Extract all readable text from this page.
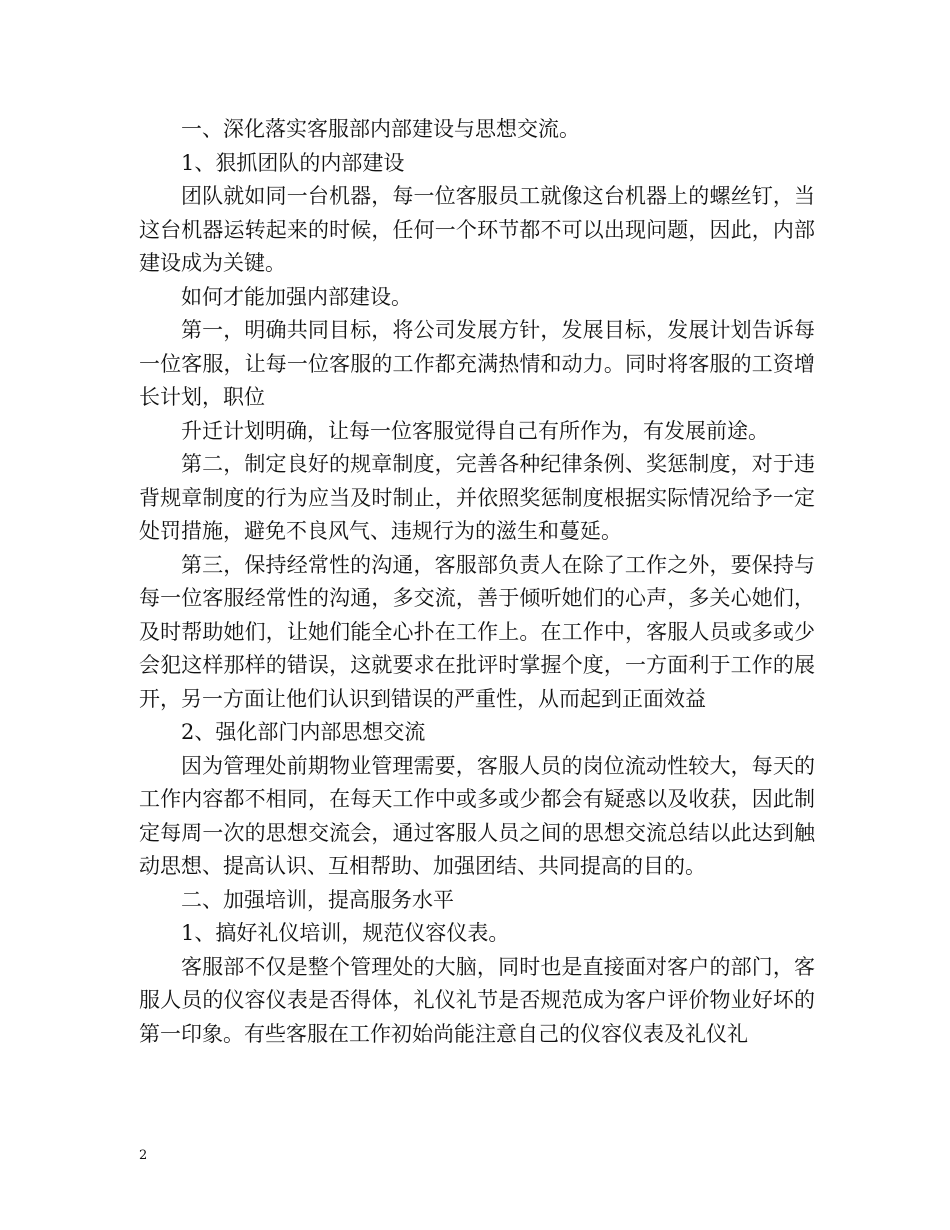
一、深化落实客服部内部建设与思想交流。

1、狠抓团队的内部建设

团队就如同一台机器，每一位客服员工就像这台机器上的螺丝钉，当这台机器运转起来的时候，任何一个环节都不可以出现问题，因此，内部建设成为关键。

如何才能加强内部建设。

第一，明确共同目标，将公司发展方针，发展目标，发展计划告诉每一位客服，让每一位客服的工作都充满热情和动力。同时将客服的工资增长计划，职位

升迁计划明确，让每一位客服觉得自己有所作为，有发展前途。

第二，制定良好的规章制度，完善各种纪律条例、奖惩制度，对于违背规章制度的行为应当及时制止，并依照奖惩制度根据实际情况给予一定处罚措施，避免不良风气、违规行为的滋生和蔓延。

第三，保持经常性的沟通，客服部负责人在除了工作之外，要保持与每一位客服经常性的沟通，多交流，善于倾听她们的心声，多关心她们，及时帮助她们，让她们能全心扑在工作上。在工作中，客服人员或多或少会犯这样那样的错误，这就要求在批评时掌握个度，一方面利于工作的展开，另一方面让他们认识到错误的严重性，从而起到正面效益

2、强化部门内部思想交流

因为管理处前期物业管理需要，客服人员的岗位流动性较大，每天的工作内容都不相同，在每天工作中或多或少都会有疑惑以及收获，因此制定每周一次的思想交流会，通过客服人员之间的思想交流总结以此达到触动思想、提高认识、互相帮助、加强团结、共同提高的目的。

二、加强培训，提高服务水平

1、搞好礼仪培训，规范仪容仪表。

客服部不仅是整个管理处的大脑，同时也是直接面对客户的部门，客服人员的仪容仪表是否得体，礼仪礼节是否规范成为客户评价物业好坏的第一印象。有些客服在工作初始尚能注意自己的仪容仪表及礼仪礼

2
